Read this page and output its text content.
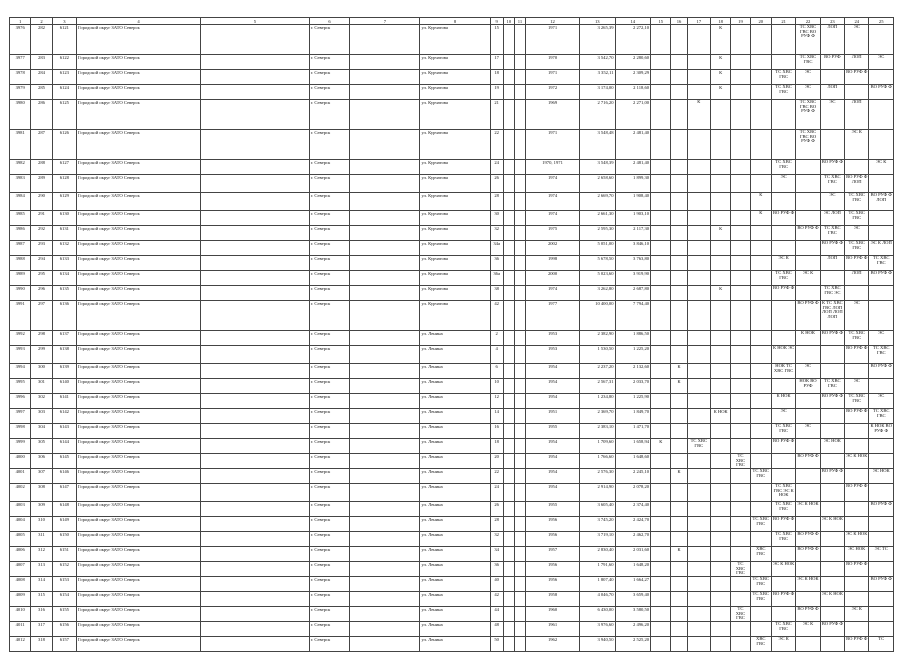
1	2	3	4	5	6	7	8	9	10	11	12	13	14	15	16	17	18	19	20	21	22	23	24	25
3976	282	6121	Городской округ ЗАТО Северск		г. Северск		ул. Курчатова	15			1971	3 265,39	2 272,10				К				ТС ХВС ГВС ВО РУФ Ф	ЛОП	ЭС	
3977	283	6122	Городской округ ЗАТО Северск		г. Северск		ул. Курчатова	17			1970	3 542,70	2 280,60				К				ТС ХВС ГВС	ВО РУФ	ЛОП	ЭС
3978	284	6123	Городской округ ЗАТО Северск		г. Северск		ул. Курчатова	18			1971	3 352,11	2 309,29				К			ТС ХВС ГВС	ЭС		ВО РУФ Ф	
3979	285	6124	Городской округ ЗАТО Северск		г. Северск		ул. Курчатова	19			1972	3 174,00	2 118,60				К			ТС ХВС ГВС	ЭС	ЛОП		ВО РУФ Ф
3980	286	6125	Городской округ ЗАТО Северск		г. Северск		ул. Курчатова	21			1969	2 716,20	2 271,00			К					ТС ХВС ГВС ВО РУФ Ф	ЭС	ЛОП	
3981	287	6126	Городской округ ЗАТО Северск		г. Северск		ул. Курчатова	22			1971	3 548,48	2 481,40								ТС ХВС ГВС ВО РУФ Ф		ЭС К	
3982	288	6127	Городской округ ЗАТО Северск		г. Северск		ул. Курчатова	24			1970, 1971	3 548,39	2 481,40							ТС ХВС ГВС		ВО РУФ Ф		ЭС К
3983	289	6128	Городской округ ЗАТО Северск		г. Северск		ул. Курчатова	26			1974	2 658,60	1 899,30							ЭС		ТС ХВС ГВС	ВО РУФ Ф ЛОП	
3984	290	6129	Городской округ ЗАТО Северск		г. Северск		ул. Курчатова	28			1974	2 669,70	1 908,40						К			ЭС	ТС ХВС ГВС	ВО РУФ Ф ЛОП
3985	291	6130	Городской округ ЗАТО Северск		г. Северск		ул. Курчатова	30			1974	2 661,30	1 903,10						К	ВО РУФ Ф		ЭС ЛОП	ТС ХВС ГВС	
3986	292	6131	Городской округ ЗАТО Северск		г. Северск		ул. Курчатова	32			1975	2 595,30	2 117,30				К				ВО РУФ Ф	ТС ХВС ГВС	ЭС	
3987	293	6132	Городской округ ЗАТО Северск		г. Северск		ул. Курчатова	34а			2002	5 051,00	3 846,10									ВО РУФ Ф	ТС ХВС ГВС	ЭС К ЛОП
3988	294	6133	Городской округ ЗАТО Северск		г. Северск		ул. Курчатова	36			1998	5 678,50	3 763,80							ЭС К		ЛОП	ВО РУФ Ф	ТС ХВС ГВС
3989	295	6134	Городской округ ЗАТО Северск		г. Северск		ул. Курчатова	36а			2000	5 023,60	3 919,90							ТС ХВС ГВС	ЭС К		ЛОП	ВО РУФ Ф
3990	296	6135	Городской округ ЗАТО Северск		г. Северск		ул. Курчатова	38			1974	3 262,80	2 687,80				К			ВО РУФ Ф		ТС ХВС ГВС ЭС		
3991	297	6136	Городской округ ЗАТО Северск		г. Северск		ул. Курчатова	42			1977	10 400,00	7 794,40								ВО РУФ Ф	К ТС ХВС ГВС ЛОП ЛОП ЛОП ЛОП	ЭС	
3992	298	6137	Городской округ ЗАТО Северск		г. Северск		ул. Ленина	2			1953	2 382,90	1 886,50								К НОК	ВО РУФ Ф	ТС ХВС ГВС	ЭС
3993	299	6138	Городской округ ЗАТО Северск		г. Северск		ул. Ленина	4			1953	1 530,50	1 225,20							К НОК ЭС			ВО РУФ Ф	ТС ХВС ГВС
3994	300	6139	Городской округ ЗАТО Северск		г. Северск		ул. Ленина	6			1954	2 237,20	2 132,60		К					НОК ТС ХВС ГВС	ЭС			ВО РУФ Ф
3995	301	6140	Городской округ ЗАТО Северск		г. Северск		ул. Ленина	10			1954	2 567,31	2 033,70		К						НОК ВО РУФ	ТС ХВС ГВС	ЭС	
3996	302	6141	Городской округ ЗАТО Северск		г. Северск		ул. Ленина	12			1954	1 234,80	1 225,90							К НОК		ВО РУФ Ф	ТС ХВС ГВС	ЭС
3997	303	6142	Городской округ ЗАТО Северск		г. Северск		ул. Ленина	14			1951	2 369,70	1 849,70				К НОК			ЭС			ВО РУФ Ф	ТС ХВС ГВС
3998	304	6143	Городской округ ЗАТО Северск		г. Северск		ул. Ленина	16			1955	2 383,10	1 471,70							ТС ХВС ГВС	ЭС			К НОК ВО РУФ Ф
3999	305	6144	Городской округ ЗАТО Северск		г. Северск		ул. Ленина	18			1954	1 709,60	1 658,94	К		ТС ХВС ГВС				ВО РУФ Ф		ЭС НОК		
4000	306	6145	Городской округ ЗАТО Северск		г. Северск		ул. Ленина	20			1954	1 766,60	1 648,60					ТС ХВС ГВС			ВО РУФ Ф		ЭС К НОК	
4001	307	6146	Городской округ ЗАТО Северск		г. Северск		ул. Ленина	22			1954	2 576,30	2 245,10		К				ТС ХВС ГВС			ВО РУФ Ф		ЭС НОК
4002	308	6147	Городской округ ЗАТО Северск		г. Северск		ул. Ленина	24			1954	2 914,90	2 078,20							ТС ХВС ГВС ЭС К НОК			ВО РУФ Ф	
4003	309	6148	Городской округ ЗАТО Северск		г. Северск		ул. Ленина	26			1955	3 605,40	2 374,40							ТС ХВС ГВС	ЭС К НОК			ВО РУФ Ф
4004	310	6149	Городской округ ЗАТО Северск		г. Северск		ул. Ленина	28			1956	3 745,20	2 424,70						ТС ХВС ГВС	ВО РУФ Ф		ЭС К НОК		
4005	311	6150	Городской округ ЗАТО Северск		г. Северск		ул. Ленина	32			1956	3 719,10	2 462,70							ТС ХВС ГВС	ВО РУФ Ф		ЭС К НОК	
4006	312	6151	Городской округ ЗАТО Северск		г. Северск		ул. Ленина	34			1957	2 830,40	2 031,60		К				ХВС ГВС		ВО РУФ Ф		ЭС НОК	ЭС ТС
4007	313	6152	Городской округ ЗАТО Северск		г. Северск		ул. Ленина	36			1956	1 791,60	1 648,20					ТС ХВС ГВС		ЭС К НОК			ВО РУФ Ф	
4008	314	6153	Городской округ ЗАТО Северск		г. Северск		ул. Ленина	40			1956	1 807,40	1 664,27						ТС ХВС ГВС		ЭС К НОК			ВО РУФ Ф
4009	315	6154	Городской округ ЗАТО Северск		г. Северск		ул. Ленина	42			1958	4 046,70	3 659,40						ТС ХВС ГВС	ВО РУФ Ф		ЭС К НОК		
4010	316	6155	Городской округ ЗАТО Северск		г. Северск		ул. Ленина	44			1960	6 430,00	3 580,50					ТС ХВС ГВС			ВО РУФ Ф		ЭС К	
4011	317	6156	Городской округ ЗАТО Северск		г. Северск		ул. Ленина	48			1961	3 976,60	2 496,20							ТС ХВС ГВС	ЭС К	ВО РУФ Ф		
4012	318	6157	Городской округ ЗАТО Северск		г. Северск		ул. Ленина	50			1962	3 940,50	2 525,20						ХВС ГВС	ЭС К			ВО РУФ Ф	ТС
